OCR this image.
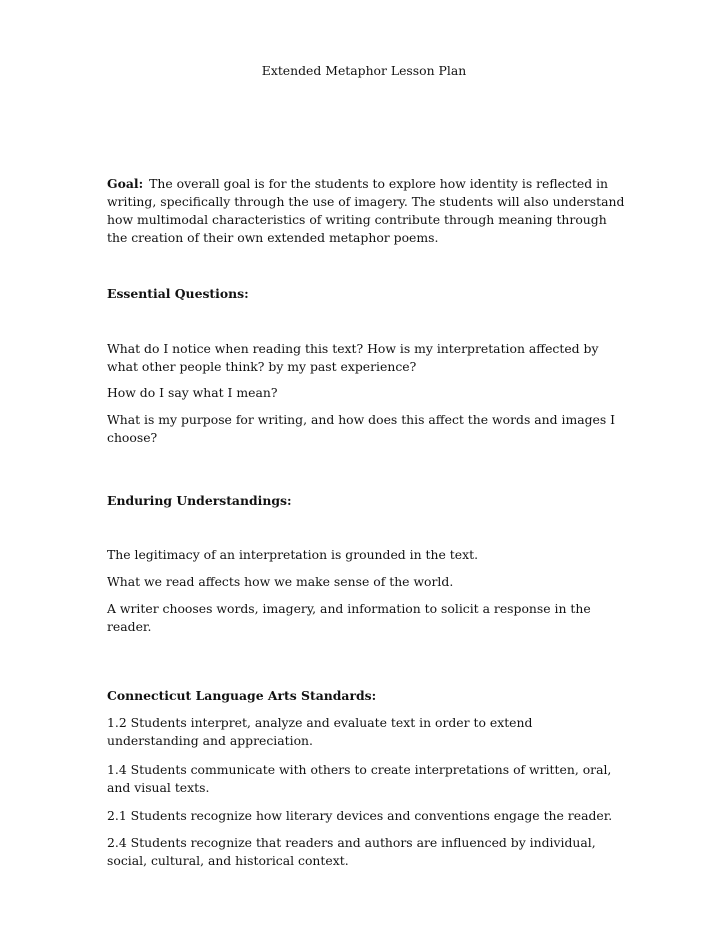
Extended Metaphor Lesson Plan

Goal: The overall goal is for the students to explore how identity is reflected in writing, specifically through the use of imagery. The students will also understand how multimodal characteristics of writing contribute through meaning through the creation of their own extended metaphor poems.

Essential Questions:

What do I notice when reading this text? How is my interpretation affected by what other people think? by my past experience?

How do I say what I mean?

What is my purpose for writing, and how does this affect the words and images I choose?

Enduring Understandings:

The legitimacy of an interpretation is grounded in the text.

What we read affects how we make sense of the world.

A writer chooses words, imagery, and information to solicit a response in the reader.

Connecticut Language Arts Standards:

1.2 Students interpret, analyze and evaluate text in order to extend understanding and appreciation.

1.4 Students communicate with others to create interpretations of written, oral, and visual texts.

2.1 Students recognize how literary devices and conventions engage the reader.

2.4 Students recognize that readers and authors are influenced by individual, social, cultural, and historical context.
